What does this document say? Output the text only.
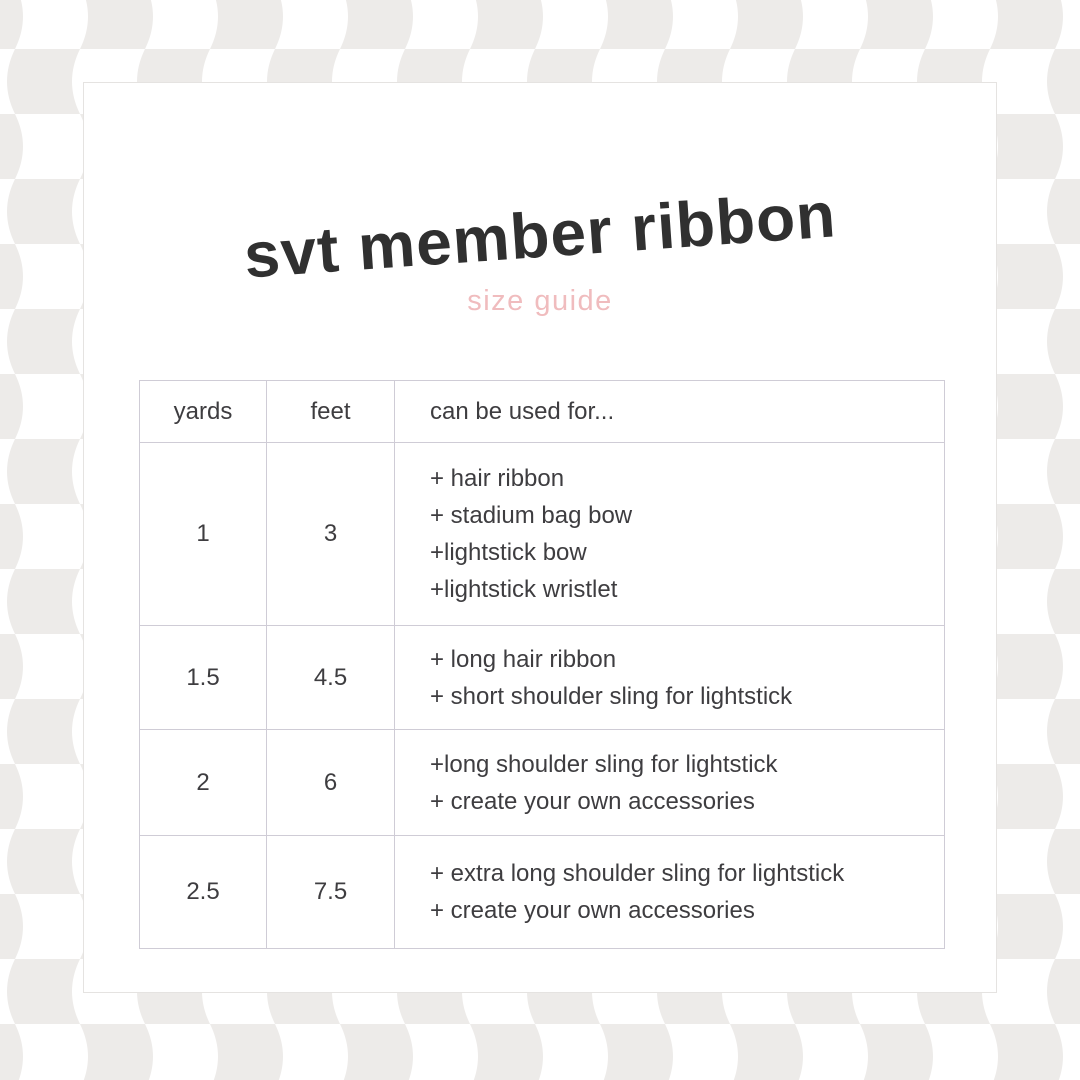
svt member ribbon
size guide
yards	feet	can be used for...
1	3	+ hair ribbon
+ stadium bag bow
+lightstick bow
+lightstick wristlet

1.5	4.5	+ long hair ribbon
+ short shoulder sling for lightstick

2	6	+long shoulder sling for lightstick
+ create your own accessories

2.5	7.5	+ extra long shoulder sling for lightstick
+ create your own accessories
